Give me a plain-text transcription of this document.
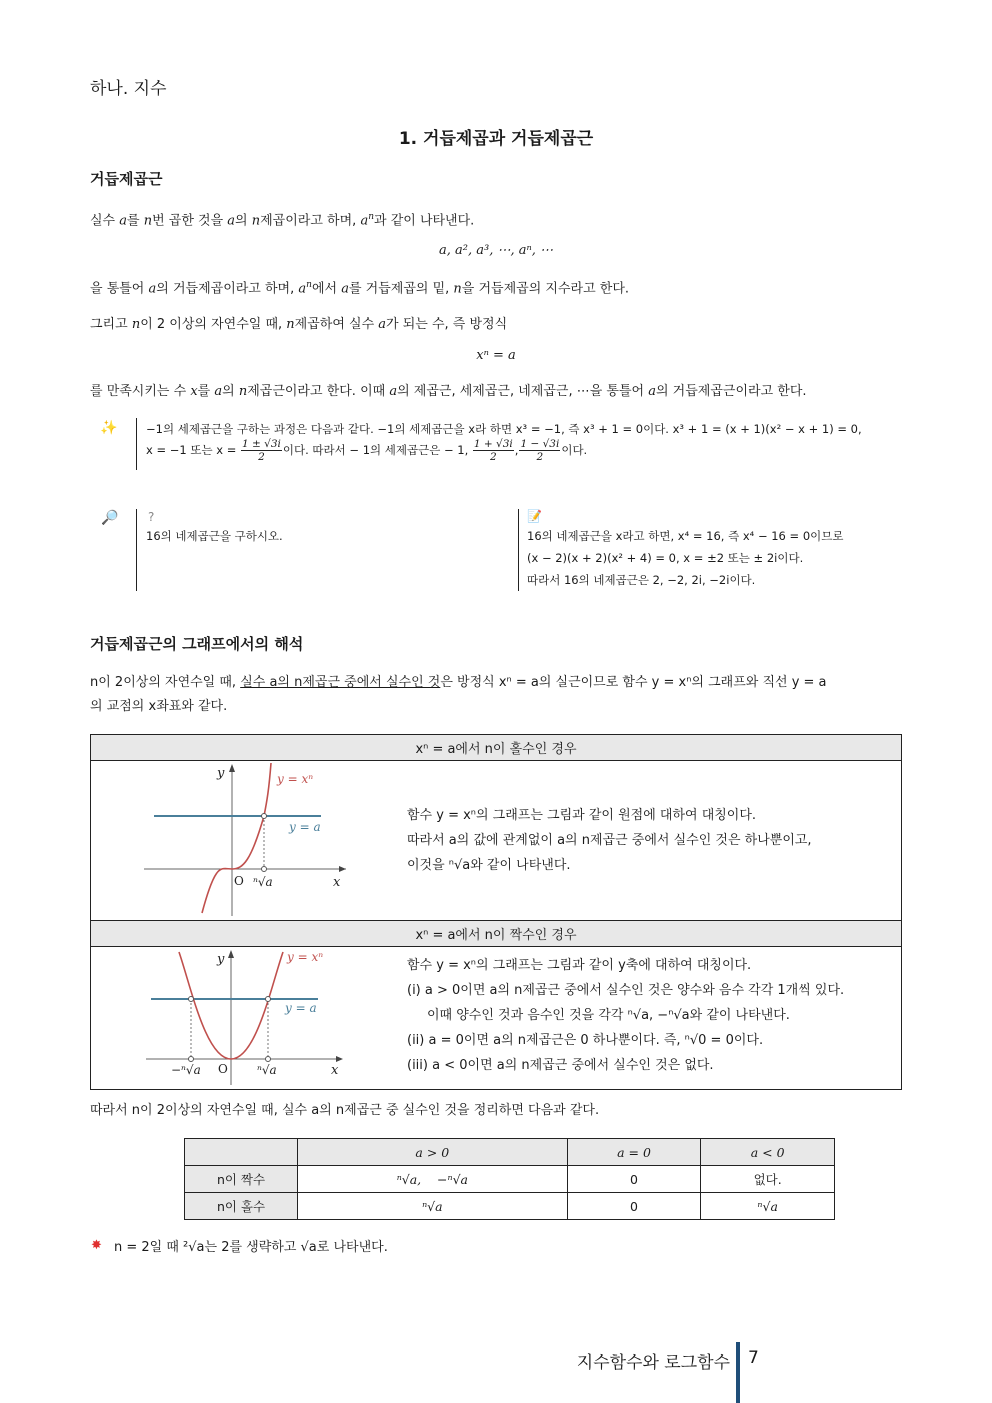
하나. 지수
1. 거듭제곱과 거듭제곱근
거듭제곱근
실수 a를 n번 곱한 것을 a의 n제곱이라고 하며, $a^n$과 같이 나타낸다.
a, a², a³, ⋯, aⁿ, ⋯
을 통틀어 a의 거듭제곱이라고 하며, $a^n$에서 a를 거듭제곱의 밑, n을 거듭제곱의 지수라고 한다.
그리고 n이 2 이상의 자연수일 때, n제곱하여 실수 a가 되는 수, 즉 방정식
xⁿ = a
를 만족시키는 수 x를 a의 n제곱근이라고 한다. 이때 a의 제곱근, 세제곱근, 네제곱근, ⋯을 통틀어 a의 거듭제곱근이라고 한다.
✨ −1의 세제곱근을 구하는 과정은 다음과 같다. −1의 세제곱근을 x라 하면 x³ = −1, 즉 x³ + 1 = 0이다. x³ + 1 = (x + 1)(x² − x + 1) = 0,
x = −1 또는 $x = \frac{1 \pm √3i}{2}$ 이다. 따라서 − 1의 세제곱근은 − 1, $\frac{1 + √3i}{2}$ , $\frac{1 - √3i}{2}$ 이다.
🔎 ?
16의 네제곱근을 구하시오.
📝
16의 네제곱근을 x라고 하면, x⁴ = 16, 즉 x⁴ − 16 = 0이므로
(x − 2)(x + 2)(x² + 4) = 0, x = ±2 또는 ± 2i이다.
따라서 16의 네제곱근은 2, −2, 2i, −2i이다.
거듭제곱근의 그래프에서의 해석
n이 2이상의 자연수일 때, 실수 a의 n제곱근 중에서 실수인 것은 방정식 xⁿ = a의 실근이므로 함수 y = xⁿ의 그래프와 직선 y = a
의 교점의 x좌표와 같다.
xⁿ = a에서 n이 홀수인 경우	

y	y = xⁿ
y = a
O ⁿ√a	x

함수 y = xⁿ의 그래프는 그림과 같이 원점에 대하여 대칭이다.
따라서 a의 값에 관계없이 a의 n제곱근 중에서 실수인 것은 하나뿐이고,
이것을 ⁿ√a와 같이 나타낸다.

xⁿ = a에서 n이 짝수인 경우	

y	y = xⁿ
y = a
−ⁿ√a O ⁿ√a	x

함수 y = xⁿ의 그래프는 그림과 같이 y축에 대하여 대칭이다.
(i) a > 0이면 a의 n제곱근 중에서 실수인 것은 양수와 음수 각각 1개씩 있다.
이때 양수인 것과 음수인 것을 각각 ⁿ√a, −ⁿ√a와 같이 나타낸다.
(ii) a = 0이면 a의 n제곱근은 0 하나뿐이다. 즉, ⁿ√0 = 0이다.
(iii) a < 0이면 a의 n제곱근 중에서 실수인 것은 없다.
따라서 n이 2이상의 자연수일 때, 실수 a의 n제곱근 중 실수인 것을 정리하면 다음과 같다.
	a > 0	a = 0	a < 0
n이 짝수	ⁿ√a,    −ⁿ√a	0	없다.
n이 홀수	ⁿ√a	0	ⁿ√a
✸ n = 2일 때 ²√a는 2를 생략하고 √a로 나타낸다.
지수함수와 로그함수 7
